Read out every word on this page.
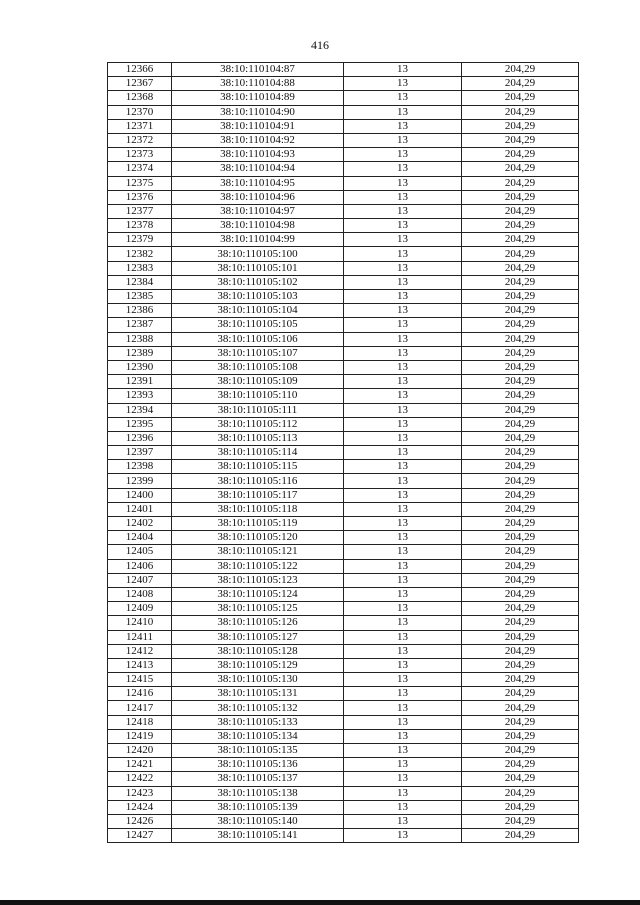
416
12366	38:10:110104:87	13	204,29
12367	38:10:110104:88	13	204,29
12368	38:10:110104:89	13	204,29
12370	38:10:110104:90	13	204,29
12371	38:10:110104:91	13	204,29
12372	38:10:110104:92	13	204,29
12373	38:10:110104:93	13	204,29
12374	38:10:110104:94	13	204,29
12375	38:10:110104:95	13	204,29
12376	38:10:110104:96	13	204,29
12377	38:10:110104:97	13	204,29
12378	38:10:110104:98	13	204,29
12379	38:10:110104:99	13	204,29
12382	38:10:110105:100	13	204,29
12383	38:10:110105:101	13	204,29
12384	38:10:110105:102	13	204,29
12385	38:10:110105:103	13	204,29
12386	38:10:110105:104	13	204,29
12387	38:10:110105:105	13	204,29
12388	38:10:110105:106	13	204,29
12389	38:10:110105:107	13	204,29
12390	38:10:110105:108	13	204,29
12391	38:10:110105:109	13	204,29
12393	38:10:110105:110	13	204,29
12394	38:10:110105:111	13	204,29
12395	38:10:110105:112	13	204,29
12396	38:10:110105:113	13	204,29
12397	38:10:110105:114	13	204,29
12398	38:10:110105:115	13	204,29
12399	38:10:110105:116	13	204,29
12400	38:10:110105:117	13	204,29
12401	38:10:110105:118	13	204,29
12402	38:10:110105:119	13	204,29
12404	38:10:110105:120	13	204,29
12405	38:10:110105:121	13	204,29
12406	38:10:110105:122	13	204,29
12407	38:10:110105:123	13	204,29
12408	38:10:110105:124	13	204,29
12409	38:10:110105:125	13	204,29
12410	38:10:110105:126	13	204,29
12411	38:10:110105:127	13	204,29
12412	38:10:110105:128	13	204,29
12413	38:10:110105:129	13	204,29
12415	38:10:110105:130	13	204,29
12416	38:10:110105:131	13	204,29
12417	38:10:110105:132	13	204,29
12418	38:10:110105:133	13	204,29
12419	38:10:110105:134	13	204,29
12420	38:10:110105:135	13	204,29
12421	38:10:110105:136	13	204,29
12422	38:10:110105:137	13	204,29
12423	38:10:110105:138	13	204,29
12424	38:10:110105:139	13	204,29
12426	38:10:110105:140	13	204,29
12427	38:10:110105:141	13	204,29
